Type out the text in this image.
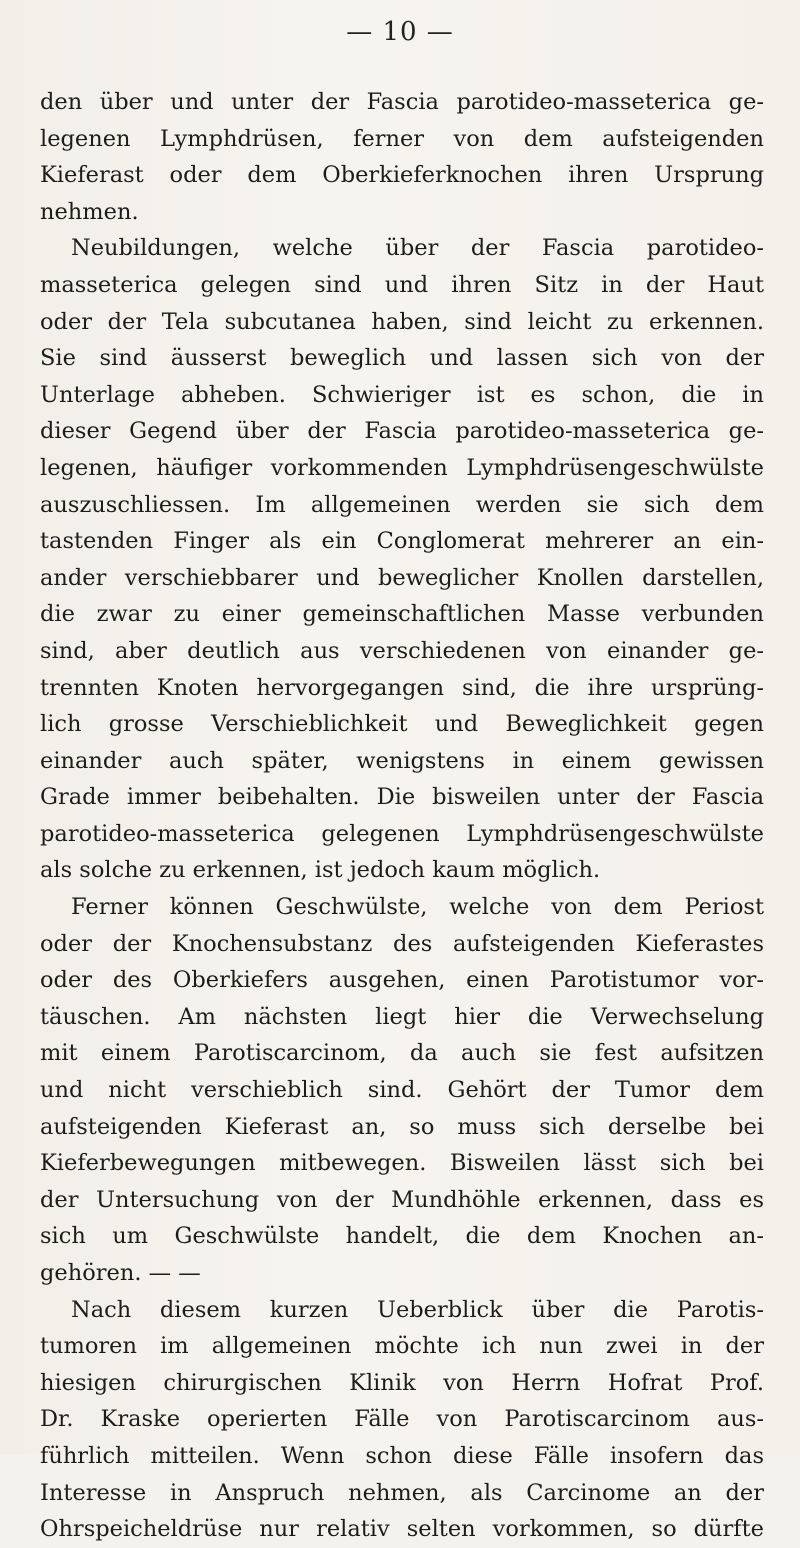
— 10 —
den über und unter der Fascia parotideo-masseterica ge-
legenen Lymphdrüsen, ferner von dem aufsteigenden
Kieferast oder dem Oberkieferknochen ihren Ursprung
nehmen.
Neubildungen, welche über der Fascia parotideo-
masseterica gelegen sind und ihren Sitz in der Haut
oder der Tela subcutanea haben, sind leicht zu erkennen.
Sie sind äusserst beweglich und lassen sich von der
Unterlage abheben. Schwieriger ist es schon, die in
dieser Gegend über der Fascia parotideo-masseterica ge-
legenen, häufiger vorkommenden Lymphdrüsengeschwülste
auszuschliessen. Im allgemeinen werden sie sich dem
tastenden Finger als ein Conglomerat mehrerer an ein-
ander verschiebbarer und beweglicher Knollen darstellen,
die zwar zu einer gemeinschaftlichen Masse verbunden
sind, aber deutlich aus verschiedenen von einander ge-
trennten Knoten hervorgegangen sind, die ihre ursprüng-
lich grosse Verschieblichkeit und Beweglichkeit gegen
einander auch später, wenigstens in einem gewissen
Grade immer beibehalten. Die bisweilen unter der Fascia
parotideo-masseterica gelegenen Lymphdrüsengeschwülste
als solche zu erkennen, ist jedoch kaum möglich.
Ferner können Geschwülste, welche von dem Periost
oder der Knochensubstanz des aufsteigenden Kieferastes
oder des Oberkiefers ausgehen, einen Parotistumor vor-
täuschen. Am nächsten liegt hier die Verwechselung
mit einem Parotiscarcinom, da auch sie fest aufsitzen
und nicht verschieblich sind. Gehört der Tumor dem
aufsteigenden Kieferast an, so muss sich derselbe bei
Kieferbewegungen mitbewegen. Bisweilen lässt sich bei
der Untersuchung von der Mundhöhle erkennen, dass es
sich um Geschwülste handelt, die dem Knochen an-
gehören. — —
Nach diesem kurzen Ueberblick über die Parotis-
tumoren im allgemeinen möchte ich nun zwei in der
hiesigen chirurgischen Klinik von Herrn Hofrat Prof.
Dr. Kraske operierten Fälle von Parotiscarcinom aus-
führlich mitteilen. Wenn schon diese Fälle insofern das
Interesse in Anspruch nehmen, als Carcinome an der
Ohrspeicheldrüse nur relativ selten vorkommen, so dürfte
